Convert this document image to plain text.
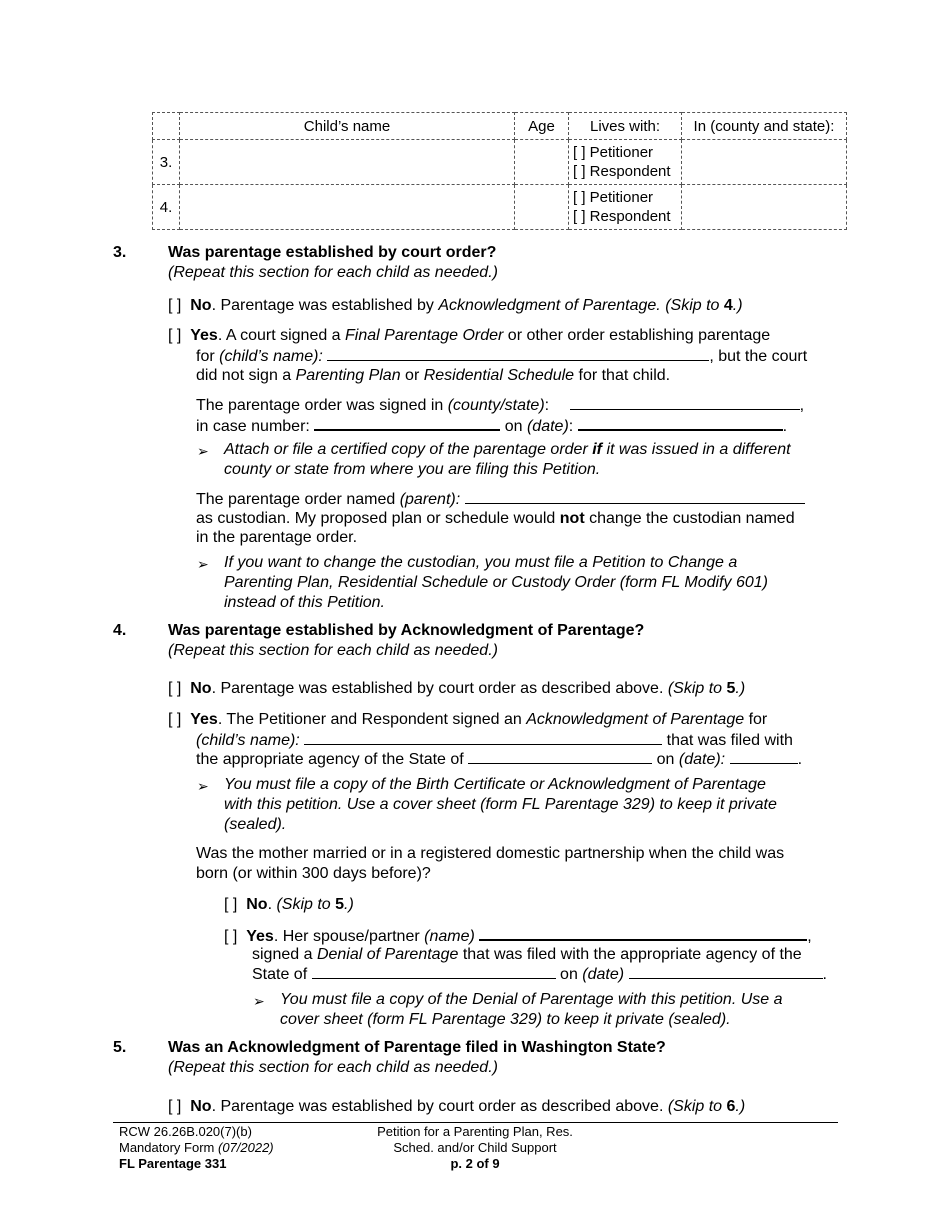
	Child’s name	Age	Lives with:	In (county and state):
3.			[ ] Petitioner
[ ] Respondent	

4.			[ ] Petitioner
[ ] Respondent	

3.	Was parentage established by court order?
(Repeat this section for each child as needed.)
[ ] No. Parentage was established by Acknowledgment of Parentage. (Skip to 4.)
[ ] Yes. A court signed a Final Parentage Order or other order establishing parentage
for (child’s name):	, but the court
did not sign a Parenting Plan or Residential Schedule for that child.
The parentage order was signed in (county/state):	,
in case number:	on (date):	.
➢ Attach or file a certified copy of the parentage order if it was issued in a different
county or state from where you are filing this Petition.
The parentage order named (parent):
as custodian. My proposed plan or schedule would not change the custodian named
in the parentage order.
➢ If you want to change the custodian, you must file a Petition to Change a
Parenting Plan, Residential Schedule or Custody Order (form FL Modify 601)
instead of this Petition.
4.	Was parentage established by Acknowledgment of Parentage?
(Repeat this section for each child as needed.)
[ ] No. Parentage was established by court order as described above. (Skip to 5.)
[ ] Yes. The Petitioner and Respondent signed an Acknowledgment of Parentage for
(child’s name):	that was filed with
the appropriate agency of the State of	on (date):	.
➢ You must file a copy of the Birth Certificate or Acknowledgment of Parentage
with this petition. Use a cover sheet (form FL Parentage 329) to keep it private
(sealed).
Was the mother married or in a registered domestic partnership when the child was
born (or within 300 days before)?
[ ] No. (Skip to 5.)
[ ] Yes. Her spouse/partner (name)	,
signed a Denial of Parentage that was filed with the appropriate agency of the
State of	on (date)	.
➢ You must file a copy of the Denial of Parentage with this petition. Use a
cover sheet (form FL Parentage 329) to keep it private (sealed).
5.	Was an Acknowledgment of Parentage filed in Washington State?
(Repeat this section for each child as needed.)
[ ] No. Parentage was established by court order as described above. (Skip to 6.)
RCW 26.26B.020(7)(b)
Mandatory Form (07/2022)
FL Parentage 331
Petition for a Parenting Plan, Res.
Sched. and/or Child Support
p. 2 of 9
